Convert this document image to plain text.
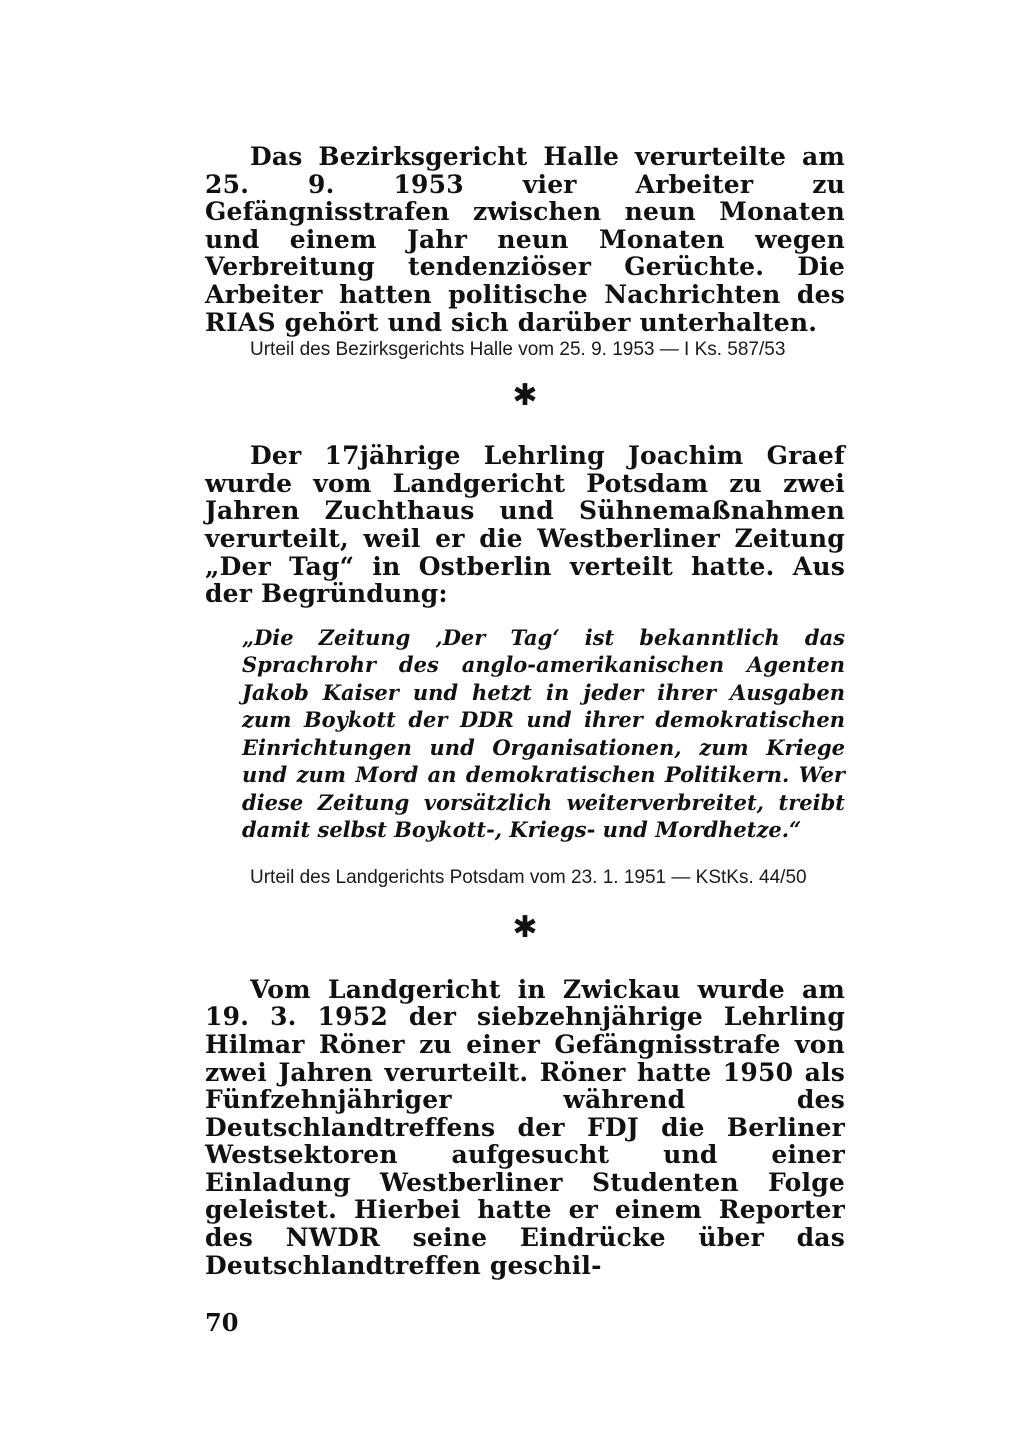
Das Bezirksgericht Halle verurteilte am 25. 9. 1953 vier Arbeiter zu Gefängnisstrafen zwischen neun Monaten und einem Jahr neun Monaten wegen Verbreitung tendenziöser Gerüchte. Die Arbeiter hatten politische Nachrichten des RIAS gehört und sich darüber unterhalten.

Urteil des Bezirksgerichts Halle vom 25. 9. 1953 — I Ks. 587/53

✱

Der 17jährige Lehrling Joachim Graef wurde vom Landgericht Potsdam zu zwei Jahren Zuchthaus und Sühnemaßnahmen verurteilt, weil er die Westberliner Zeitung „Der Tag“ in Ostberlin verteilt hatte. Aus der Begründung:

„Die Zeitung ‚Der Tag‘ ist bekanntlich das Sprachrohr des anglo-amerikanischen Agenten Jakob Kaiser und hetzt in jeder ihrer Ausgaben zum Boykott der DDR und ihrer demokratischen Einrichtungen und Organisationen, zum Kriege und zum Mord an demokratischen Politikern. Wer diese Zeitung vorsätzlich weiterverbreitet, treibt damit selbst Boykott-, Kriegs- und Mordhetze.“

Urteil des Landgerichts Potsdam vom 23. 1. 1951 — KStKs. 44/50

✱

Vom Landgericht in Zwickau wurde am 19. 3. 1952 der siebzehnjährige Lehrling Hilmar Röner zu einer Gefängnisstrafe von zwei Jahren verurteilt. Röner hatte 1950 als Fünfzehnjähriger während des Deutschlandtreffens der FDJ die Berliner Westsektoren aufgesucht und einer Einladung Westberliner Studenten Folge geleistet. Hierbei hatte er einem Reporter des NWDR seine Eindrücke über das Deutschlandtreffen geschil-

70
